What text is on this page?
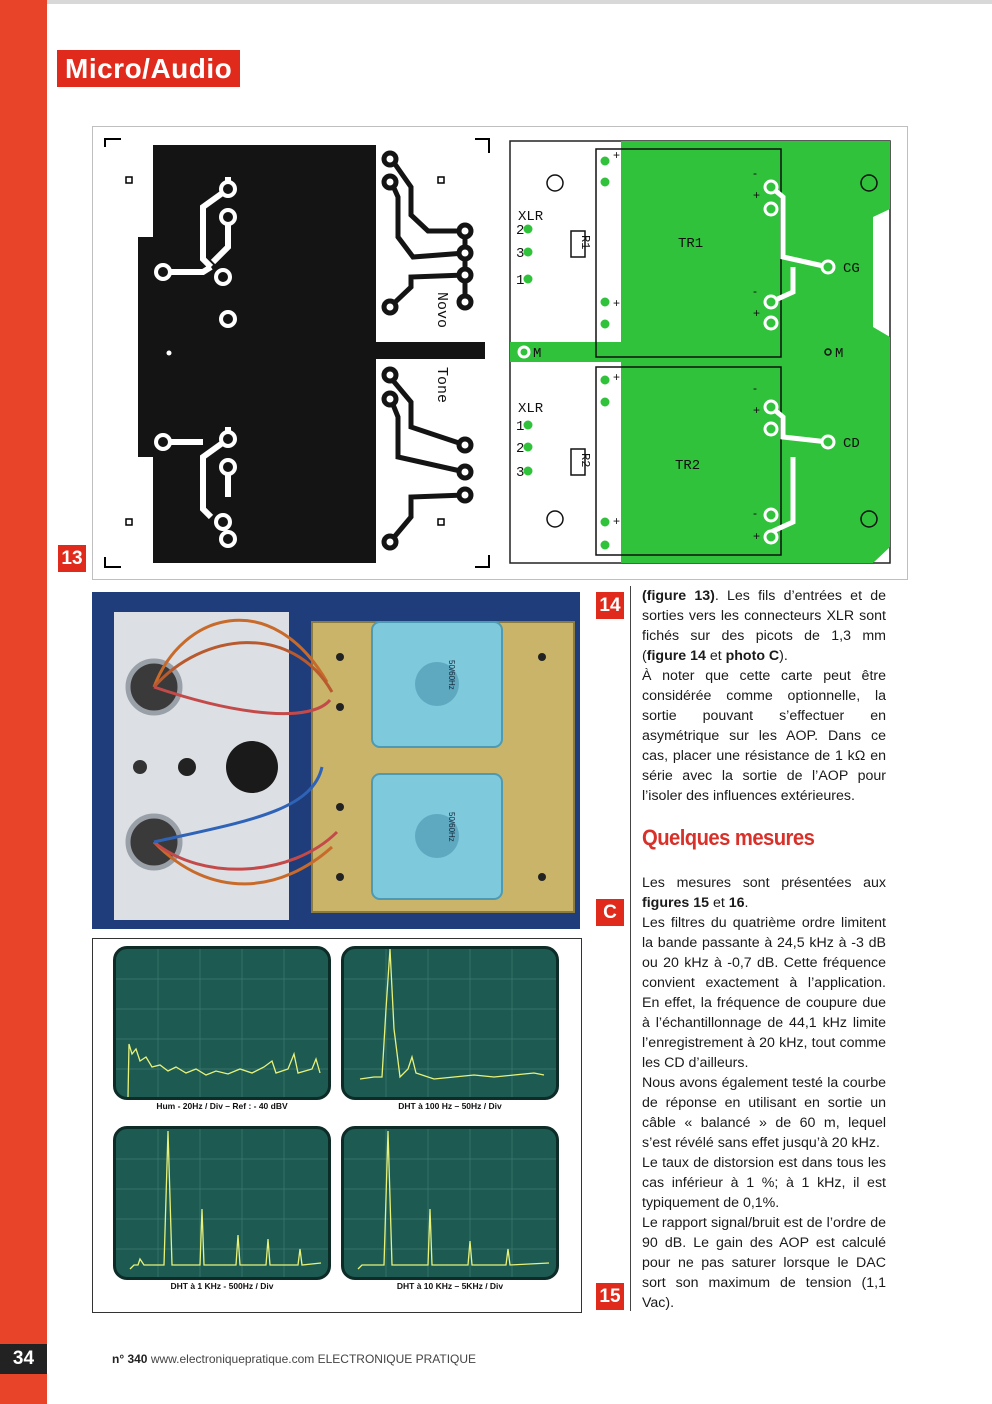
Micro/Audio
Novo
Tone
XLR
2
3
1
XLR
1
2
3
TR1
TR2
CG
CD
M	M
R1
R2
Novo
Tone
+
+
-
+
-
+
+
+
-
+
-
+
13
50/60Hz
50/60Hz
14
C
Hum - 20Hz / Div – Ref : - 40 dBV	DHT à 100 Hz – 50Hz / Div
DHT à 1 KHz - 500Hz / Div	DHT à 10 KHz – 5KHz / Div	15

(figure 13). Les fils d’entrées et de sorties vers les connecteurs XLR sont fichés sur des picots de 1,3 mm (figure 14 et photo C).

À noter que cette carte peut être considérée comme optionnelle, la sortie pouvant s’effectuer en asymétrique sur les AOP. Dans ce cas, placer une résistance de 1 kΩ en série avec la sortie de l’AOP pour l’isoler des influences extérieures.

Quelques mesures

Les mesures sont présentées aux figures 15 et 16.

Les filtres du quatrième ordre limitent la bande passante à 24,5 kHz à -3 dB ou 20 kHz à -0,7 dB. Cette fréquence convient exactement à l’application. En effet, la fréquence de coupure due à l’échantillonnage de 44,1 kHz limite l’enregistrement à 20 kHz, tout comme les CD d’ailleurs.

Nous avons également testé la courbe de réponse en utilisant en sortie un câble « balancé » de 60 m, lequel s’est révélé sans effet jusqu’à 20 kHz.

Le taux de distorsion est dans tous les cas inférieur à 1 %; à 1 kHz, il est typiquement de 0,1%.

Le rapport signal/bruit est de l’ordre de 90 dB. Le gain des AOP est calculé pour ne pas saturer lorsque le DAC sort son maximum de tension (1,1 Vac).

34	n° 340 www.electroniquepratique.com ELECTRONIQUE PRATIQUE
